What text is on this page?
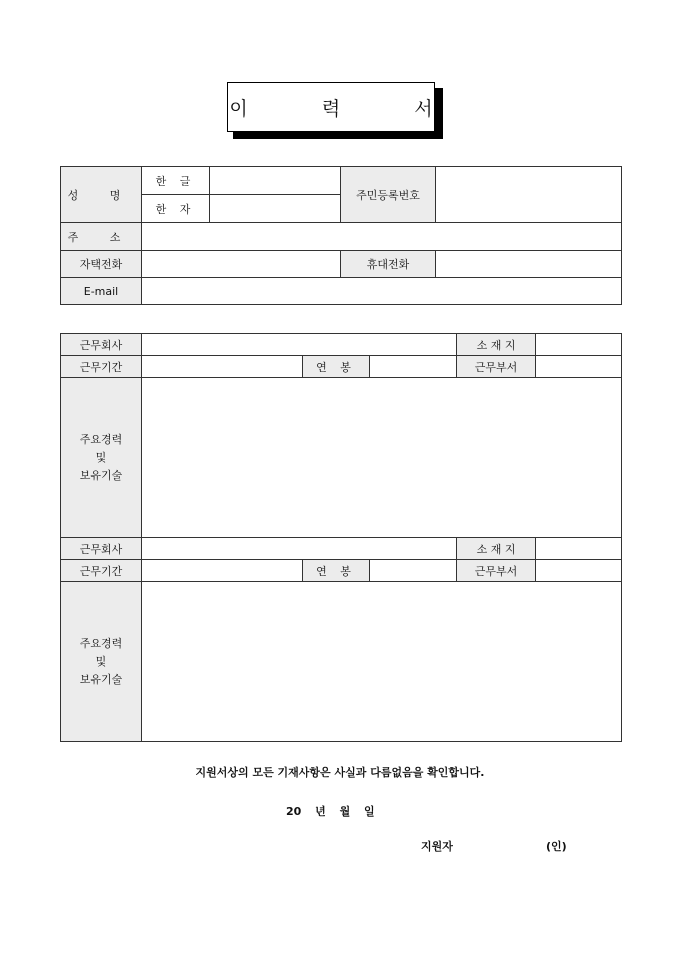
이 력 서
성 명	한 글		주민등록번호	
	한 자			
주 소				
자택전화			휴대전화	
E-mail				
근무회사				소 재 지	
근무기간		연 봉		근무부서	

주요경력
및
보유기술					

근무회사				소 재 지	
근무기간		연 봉		근무부서	

주요경력
및
보유기술					

지원서상의 모든 기재사항은 사실과 다름없음을 확인합니다.
20 년 월 일
지원자	(인)
